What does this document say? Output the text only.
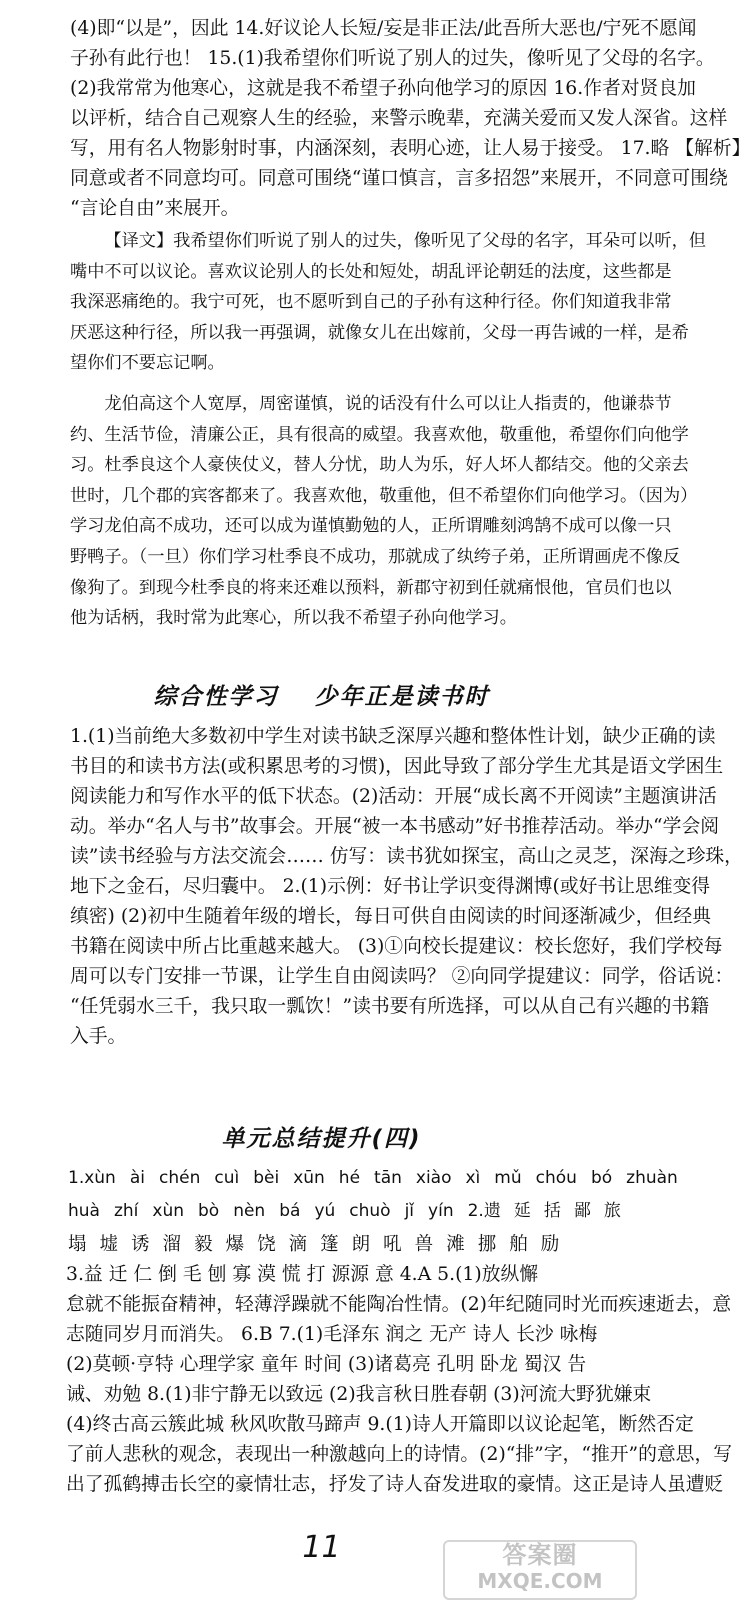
(4)即“以是”，因此 14.好议论人长短/妄是非正法/此吾所大恶也/宁死不愿闻

子孙有此行也！ 15.(1)我希望你们听说了别人的过失，像听见了父母的名字。

(2)我常常为他寒心，这就是我不希望子孙向他学习的原因 16.作者对贤良加

以评析，结合自己观察人生的经验，来警示晚辈，充满关爱而又发人深省。这样

写，用有名人物影射时事，内涵深刻，表明心迹，让人易于接受。 17.略 【解析】

同意或者不同意均可。同意可围绕“谨口慎言，言多招怨”来展开，不同意可围绕

“言论自由”来展开。

【译文】我希望你们听说了别人的过失，像听见了父母的名字，耳朵可以听，但

嘴中不可以议论。喜欢议论别人的长处和短处，胡乱评论朝廷的法度，这些都是

我深恶痛绝的。我宁可死，也不愿听到自己的子孙有这种行径。你们知道我非常

厌恶这种行径，所以我一再强调，就像女儿在出嫁前，父母一再告诫的一样，是希

望你们不要忘记啊。

龙伯高这个人宽厚，周密谨慎，说的话没有什么可以让人指责的，他谦恭节

约、生活节俭，清廉公正，具有很高的威望。我喜欢他，敬重他，希望你们向他学

习。杜季良这个人豪侠仗义，替人分忧，助人为乐，好人坏人都结交。他的父亲去

世时，几个郡的宾客都来了。我喜欢他，敬重他，但不希望你们向他学习。（因为）

学习龙伯高不成功，还可以成为谨慎勤勉的人，正所谓雕刻鸿鹄不成可以像一只

野鸭子。（一旦）你们学习杜季良不成功，那就成了纨绔子弟，正所谓画虎不像反

像狗了。到现今杜季良的将来还难以预料，新郡守初到任就痛恨他，官员们也以

他为话柄，我时常为此寒心，所以我不希望子孙向他学习。

综合性学习 少年正是读书时

1.(1)当前绝大多数初中学生对读书缺乏深厚兴趣和整体性计划，缺少正确的读

书目的和读书方法(或积累思考的习惯)，因此导致了部分学生尤其是语文学困生

阅读能力和写作水平的低下状态。(2)活动：开展“成长离不开阅读”主题演讲活

动。举办“名人与书”故事会。开展“被一本书感动”好书推荐活动。举办“学会阅

读”读书经验与方法交流会…… 仿写：读书犹如探宝，高山之灵芝，深海之珍珠，

地下之金石，尽归囊中。 2.(1)示例：好书让学识变得渊博(或好书让思维变得

缜密) (2)初中生随着年级的增长，每日可供自由阅读的时间逐渐减少，但经典

书籍在阅读中所占比重越来越大。 (3)①向校长提建议：校长您好，我们学校每

周可以专门安排一节课，让学生自由阅读吗？ ②向同学提建议：同学，俗话说：

“任凭弱水三千，我只取一瓢饮！”读书要有所选择，可以从自己有兴趣的书籍

入手。

单元总结提升(四)

1.xùn ài chén cuì bèi xūn hé tān xiào xì mǔ chóu bó zhuàn

huà zhí xùn bò nèn bá yú chuò jǐ yín 2.遗 延 括 鄙 旅

塌 墟 诱 溜 毅 爆 饶 滴 篷 朗 吼 兽 滩 挪 舶 励

3.益 迁 仁 倒 毛 刨 寡 漠 慌 打 源源 意 4.A 5.(1)放纵懈

怠就不能振奋精神，轻薄浮躁就不能陶冶性情。(2)年纪随同时光而疾速逝去，意

志随同岁月而消失。 6.B 7.(1)毛泽东 润之 无产 诗人 长沙 咏梅

(2)莫顿·亨特 心理学家 童年 时间 (3)诸葛亮 孔明 卧龙 蜀汉 告

诫、劝勉 8.(1)非宁静无以致远 (2)我言秋日胜春朝 (3)河流大野犹嫌束

(4)终古高云簇此城 秋风吹散马蹄声 9.(1)诗人开篇即以议论起笔，断然否定

了前人悲秋的观念，表现出一种激越向上的诗情。(2)“排”字，“推开”的意思，写

出了孤鹤搏击长空的豪情壮志，抒发了诗人奋发进取的豪情。这正是诗人虽遭贬

11	答案圈
MXQE.COM
